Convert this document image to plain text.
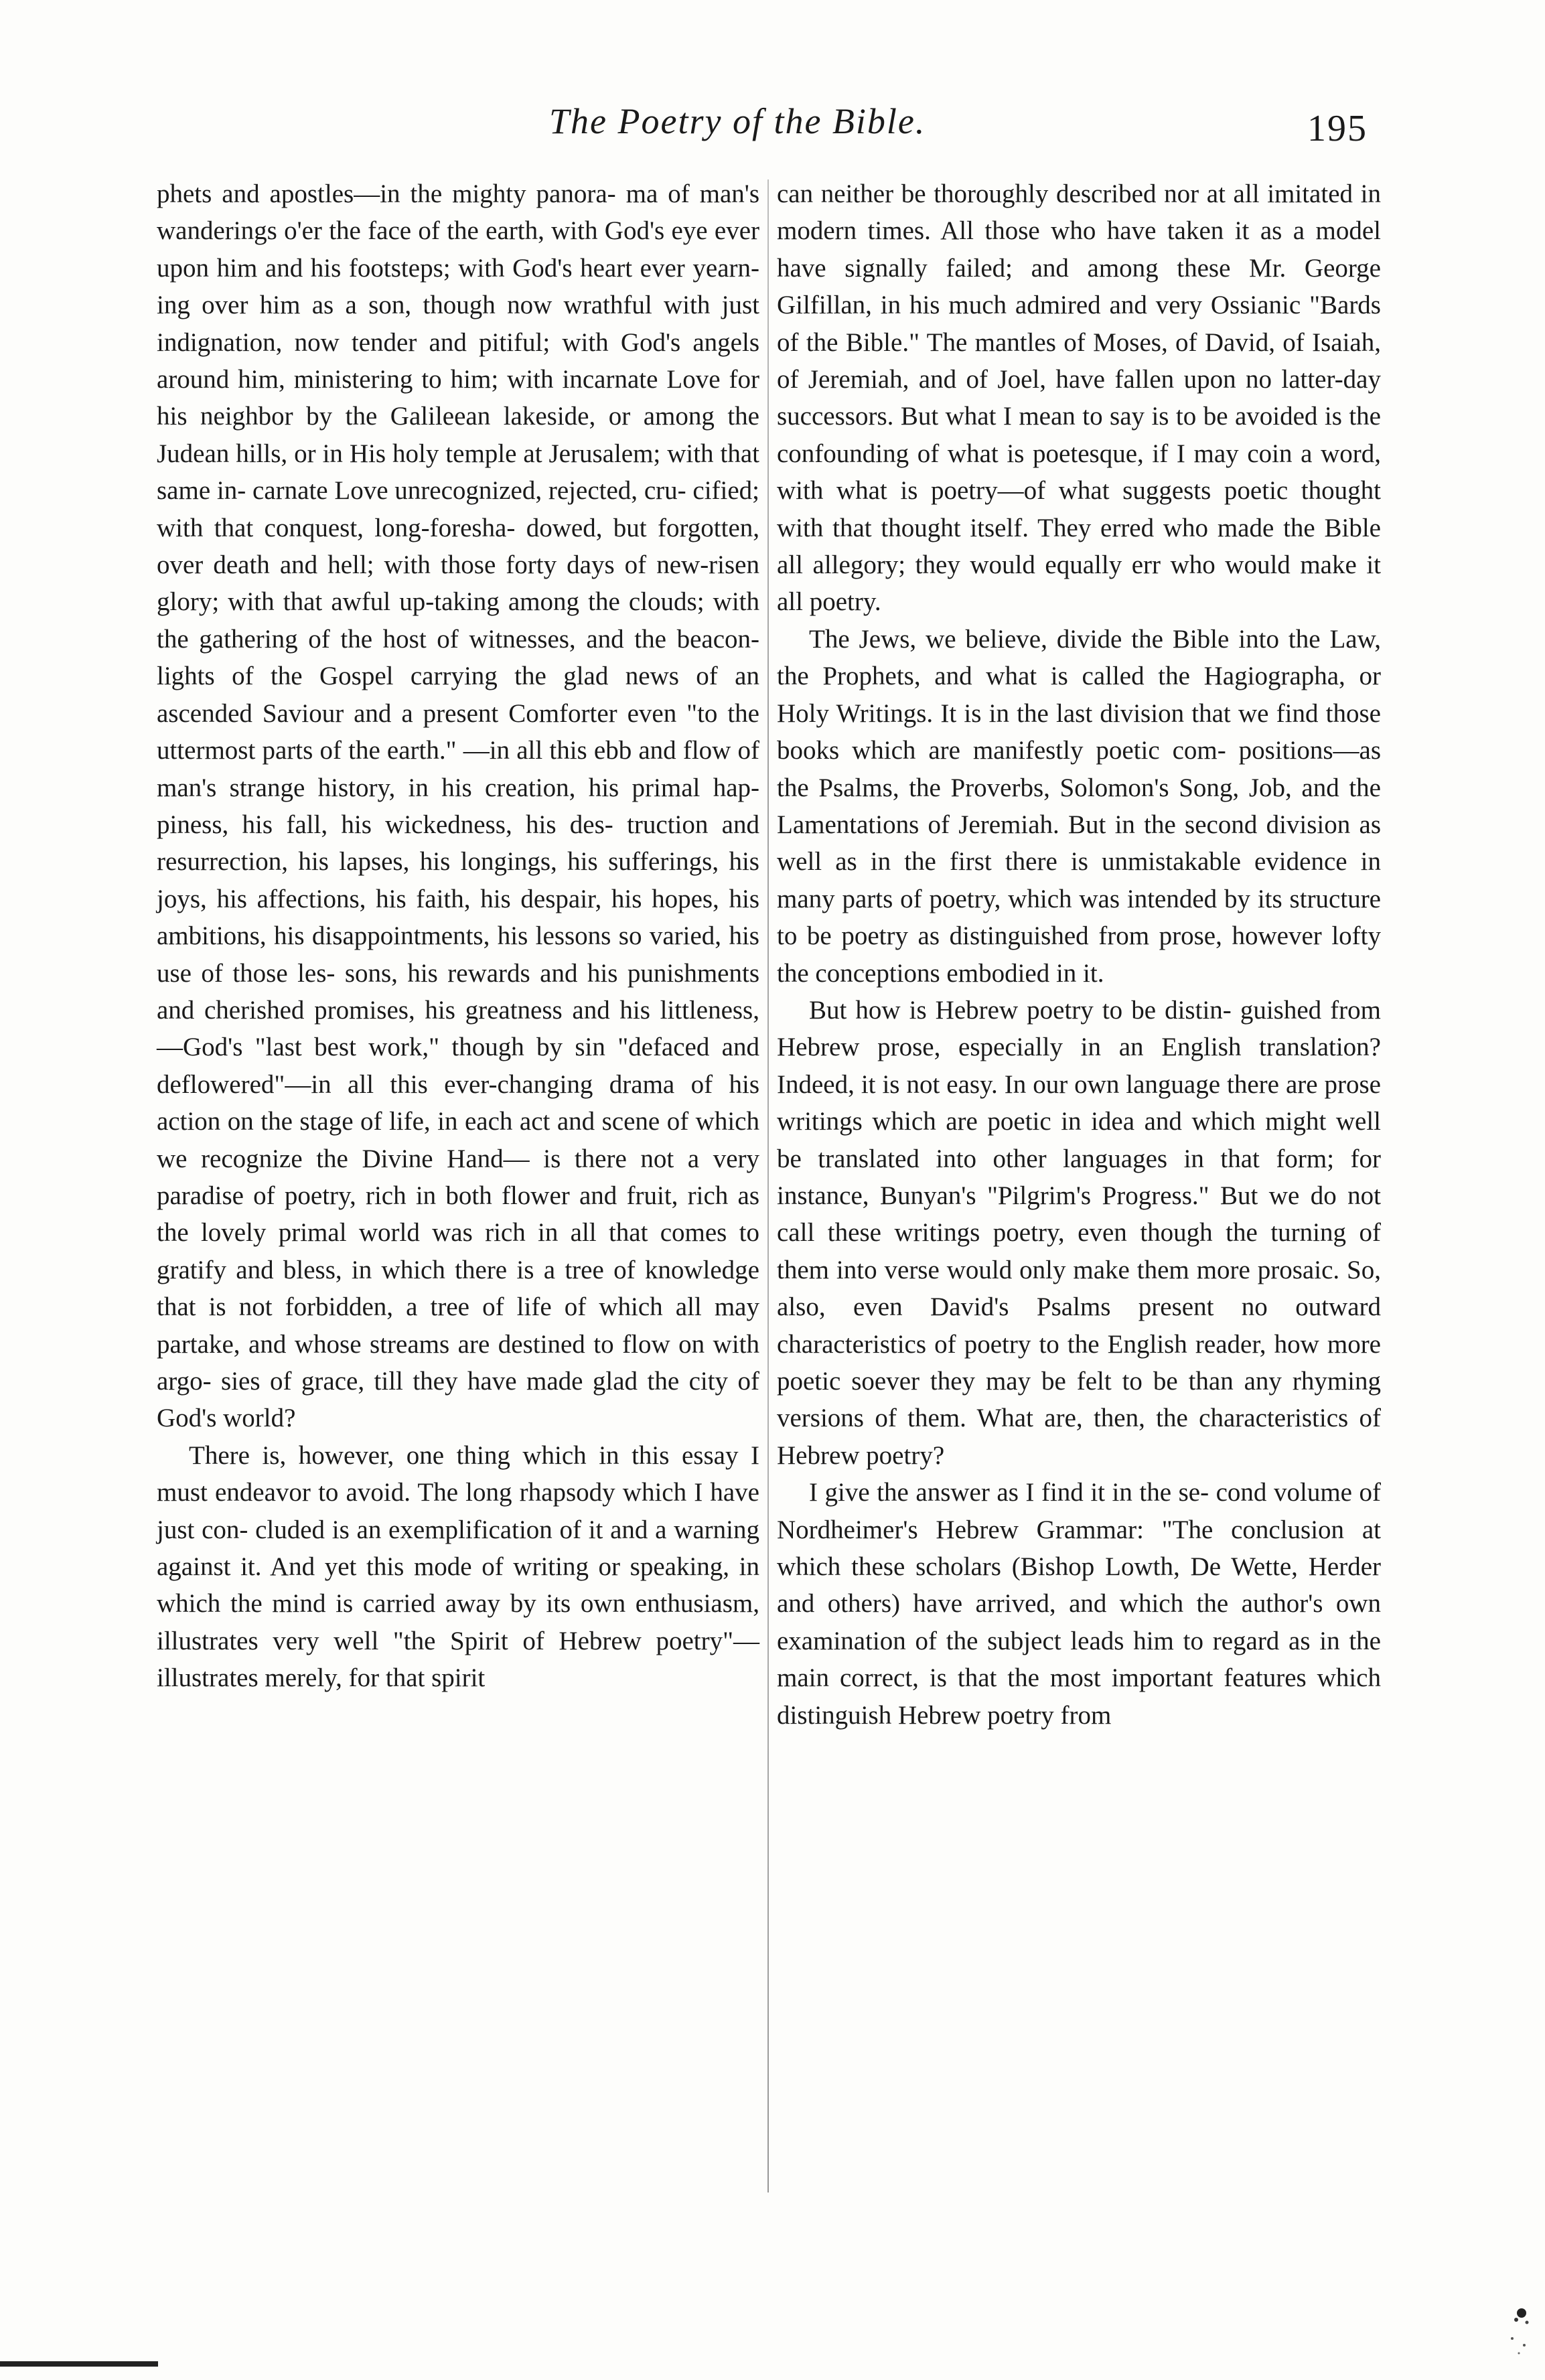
The Poetry of the Bible.	195

phets and apostles—in the mighty panora- ma of man's wanderings o'er the face of the earth, with God's eye ever upon him and his footsteps; with God's heart ever yearn- ing over him as a son, though now wrathful with just indignation, now tender and pitiful; with God's angels around him, ministering to him; with incarnate Love for his neighbor by the Galileean lakeside, or among the Judean hills, or in His holy temple at Jerusalem; with that same in- carnate Love unrecognized, rejected, cru- cified; with that conquest, long-foresha- dowed, but forgotten, over death and hell; with those forty days of new-risen glory; with that awful up-taking among the clouds; with the gathering of the host of witnesses, and the beacon-lights of the Gospel carrying the glad news of an ascended Saviour and a present Comforter even "to the uttermost parts of the earth." —in all this ebb and flow of man's strange history, in his creation, his primal hap- piness, his fall, his wickedness, his des- truction and resurrection, his lapses, his longings, his sufferings, his joys, his affections, his faith, his despair, his hopes, his ambitions, his disappointments, his lessons so varied, his use of those les- sons, his rewards and his punishments and cherished promises, his greatness and his littleness,—God's "last best work," though by sin "defaced and deflowered"—in all this ever-changing drama of his action on the stage of life, in each act and scene of which we recognize the Divine Hand— is there not a very paradise of poetry, rich in both flower and fruit, rich as the lovely primal world was rich in all that comes to gratify and bless, in which there is a tree of knowledge that is not forbidden, a tree of life of which all may partake, and whose streams are destined to flow on with argo- sies of grace, till they have made glad the city of God's world?

There is, however, one thing which in this essay I must endeavor to avoid. The long rhapsody which I have just con- cluded is an exemplification of it and a warning against it. And yet this mode of writing or speaking, in which the mind is carried away by its own enthusiasm, illustrates very well "the Spirit of Hebrew poetry"—illustrates merely, for that spirit

can neither be thoroughly described nor at all imitated in modern times. All those who have taken it as a model have signally failed; and among these Mr. George Gilfillan, in his much admired and very Ossianic "Bards of the Bible." The mantles of Moses, of David, of Isaiah, of Jeremiah, and of Joel, have fallen upon no latter-day successors. But what I mean to say is to be avoided is the confounding of what is poetesque, if I may coin a word, with what is poetry—of what suggests poetic thought with that thought itself. They erred who made the Bible all allegory; they would equally err who would make it all poetry.

The Jews, we believe, divide the Bible into the Law, the Prophets, and what is called the Hagiographa, or Holy Writings. It is in the last division that we find those books which are manifestly poetic com- positions—as the Psalms, the Proverbs, Solomon's Song, Job, and the Lamentations of Jeremiah. But in the second division as well as in the first there is unmistakable evidence in many parts of poetry, which was intended by its structure to be poetry as distinguished from prose, however lofty the conceptions embodied in it.

But how is Hebrew poetry to be distin- guished from Hebrew prose, especially in an English translation? Indeed, it is not easy. In our own language there are prose writings which are poetic in idea and which might well be translated into other languages in that form; for instance, Bunyan's "Pilgrim's Progress." But we do not call these writings poetry, even though the turning of them into verse would only make them more prosaic. So, also, even David's Psalms present no outward characteristics of poetry to the English reader, how more poetic soever they may be felt to be than any rhyming versions of them. What are, then, the characteristics of Hebrew poetry?

I give the answer as I find it in the se- cond volume of Nordheimer's Hebrew Grammar: "The conclusion at which these scholars (Bishop Lowth, De Wette, Herder and others) have arrived, and which the author's own examination of the subject leads him to regard as in the main correct, is that the most important features which distinguish Hebrew poetry from
